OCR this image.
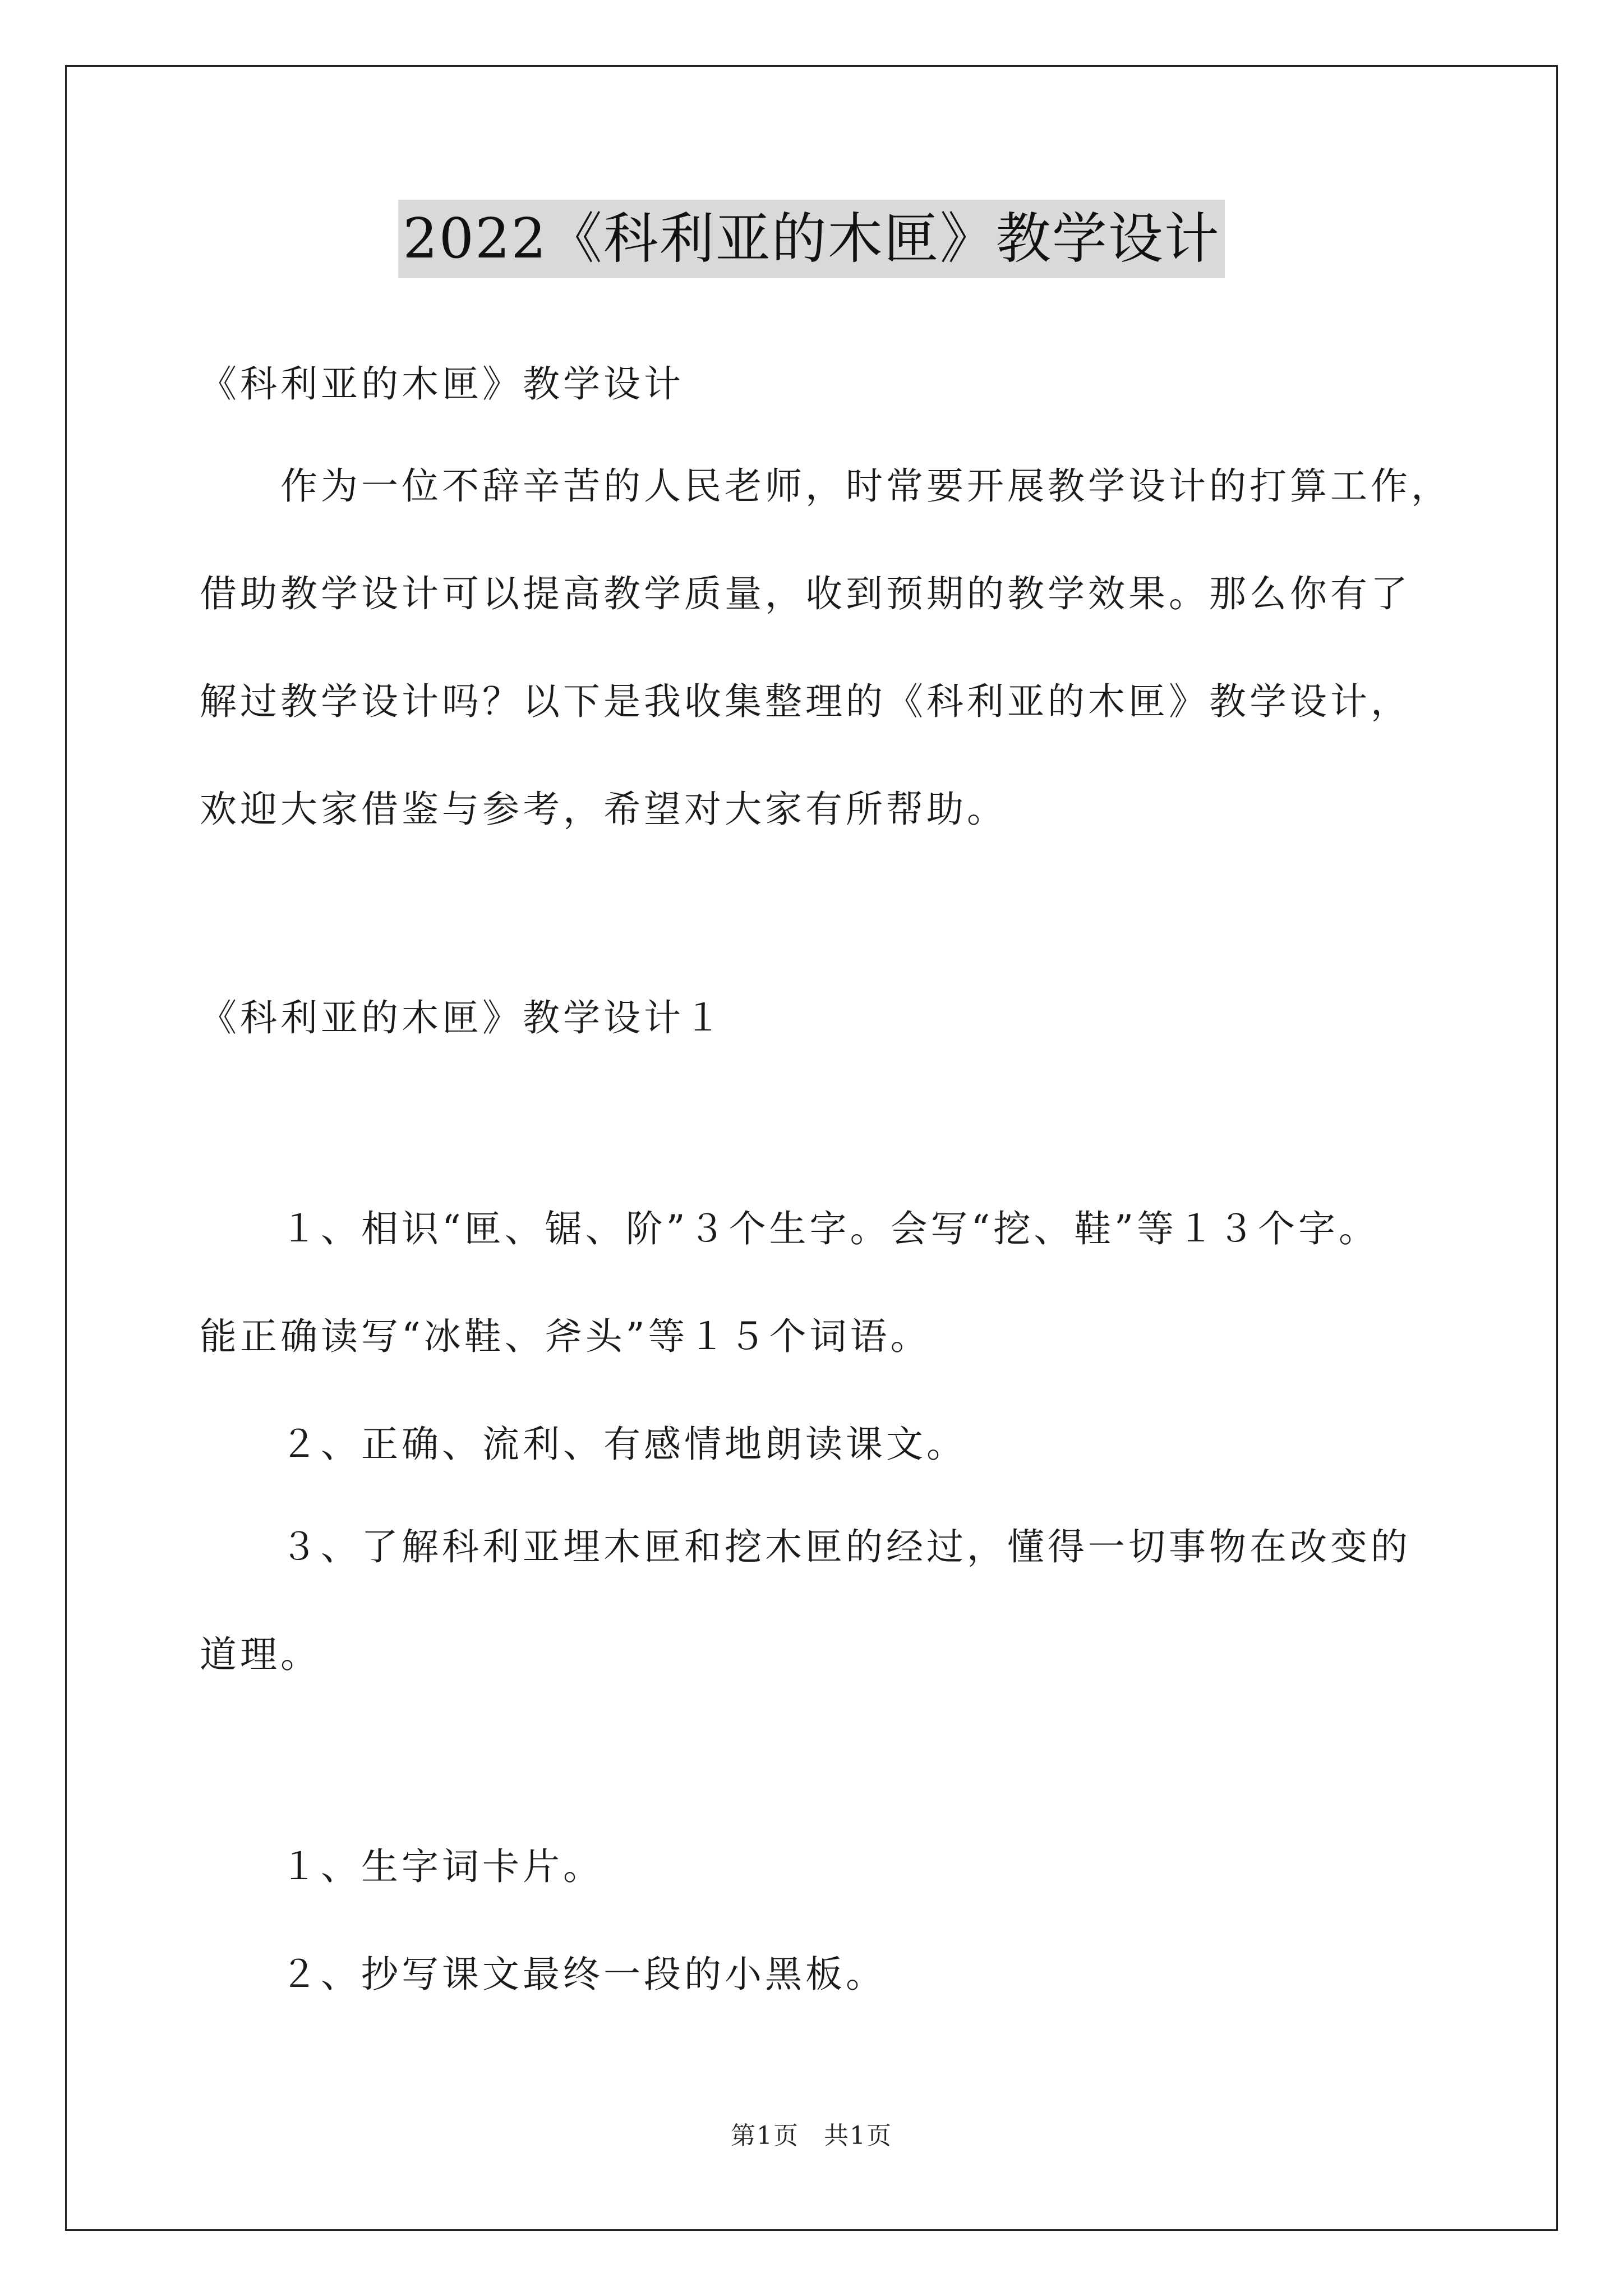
2022《科利亚的木匣》教学设计
《科利亚的木匣》教学设计
作为一位不辞辛苦的人民老师，时常要开展教学设计的打算工作，
借助教学设计可以提高教学质量，收到预期的教学效果。那么你有了
解过教学设计吗？以下是我收集整理的《科利亚的木匣》教学设计，
欢迎大家借鉴与参考，希望对大家有所帮助。
《科利亚的木匣》教学设计１
１、相识“匣、锯、阶”３个生字。会写“挖、鞋”等１３个字。
能正确读写“冰鞋、斧头”等１５个词语。
２、正确、流利、有感情地朗读课文。
３、了解科利亚埋木匣和挖木匣的经过，懂得一切事物在改变的
道理。
１、生字词卡片。
２、抄写课文最终一段的小黑板。
第1页 共1页
